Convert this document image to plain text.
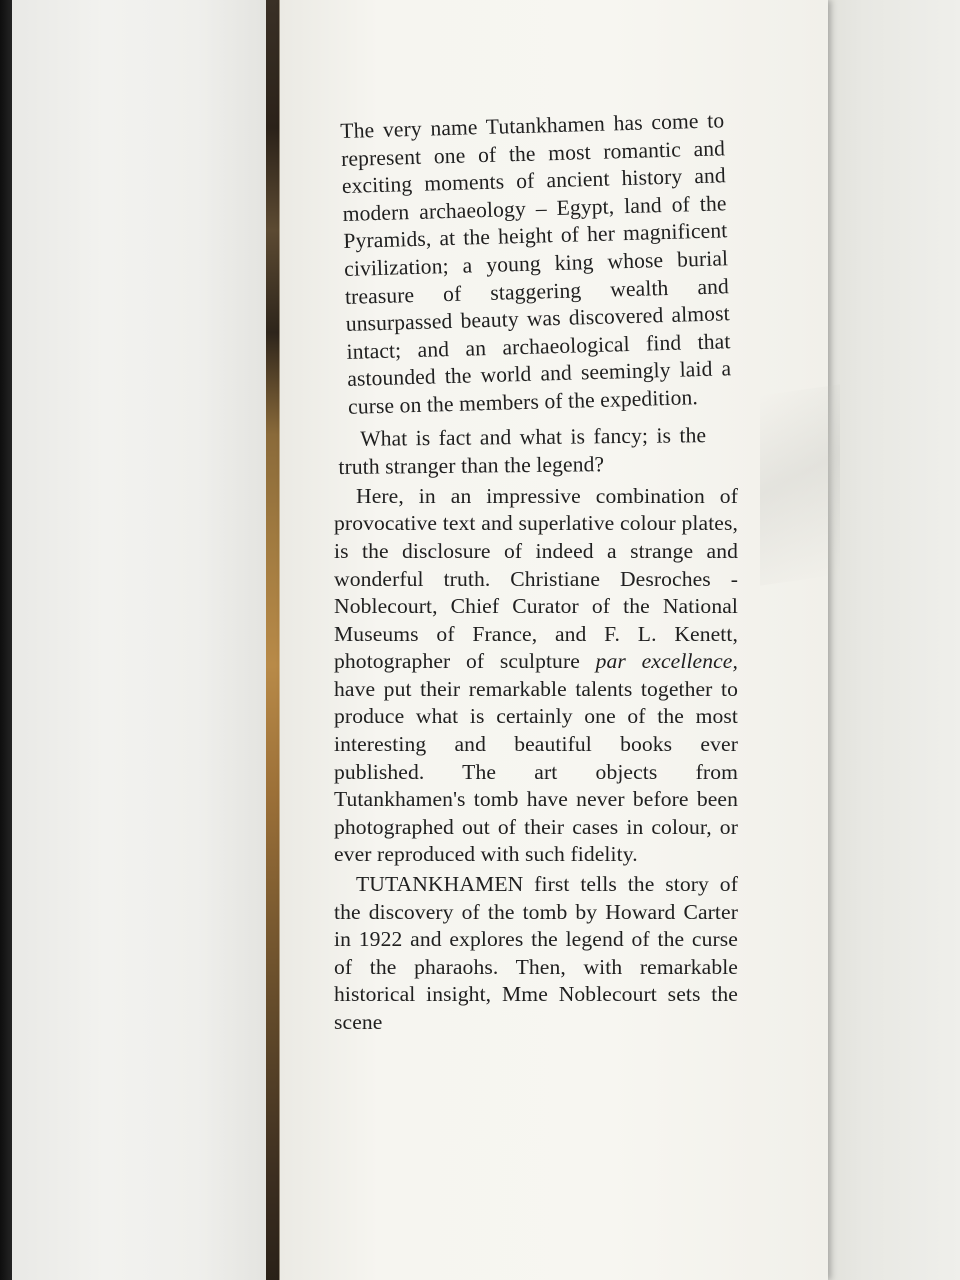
The very name Tutankhamen has come to represent one of the most romantic and exciting moments of ancient history and modern archaeology – Egypt, land of the Pyramids, at the height of her magnificent civilization; a young king whose burial treasure of staggering wealth and unsurpassed beauty was discovered almost intact; and an archaeological find that astounded the world and seemingly laid a curse on the members of the expedition.

What is fact and what is fancy; is the truth stranger than the legend?

Here, in an impressive combination of provocative text and superlative colour plates, is the disclosure of indeed a strange and wonderful truth. Christiane Desroches - Noblecourt, Chief Curator of the National Museums of France, and F. L. Kenett, photographer of sculpture par excellence, have put their remarkable talents together to produce what is certainly one of the most interesting and beautiful books ever published. The art objects from Tutankhamen's tomb have never before been photographed out of their cases in colour, or ever reproduced with such fidelity.

TUTANKHAMEN first tells the story of the discovery of the tomb by Howard Carter in 1922 and explores the legend of the curse of the pharaohs. Then, with remarkable historical insight, Mme Noblecourt sets the scene
